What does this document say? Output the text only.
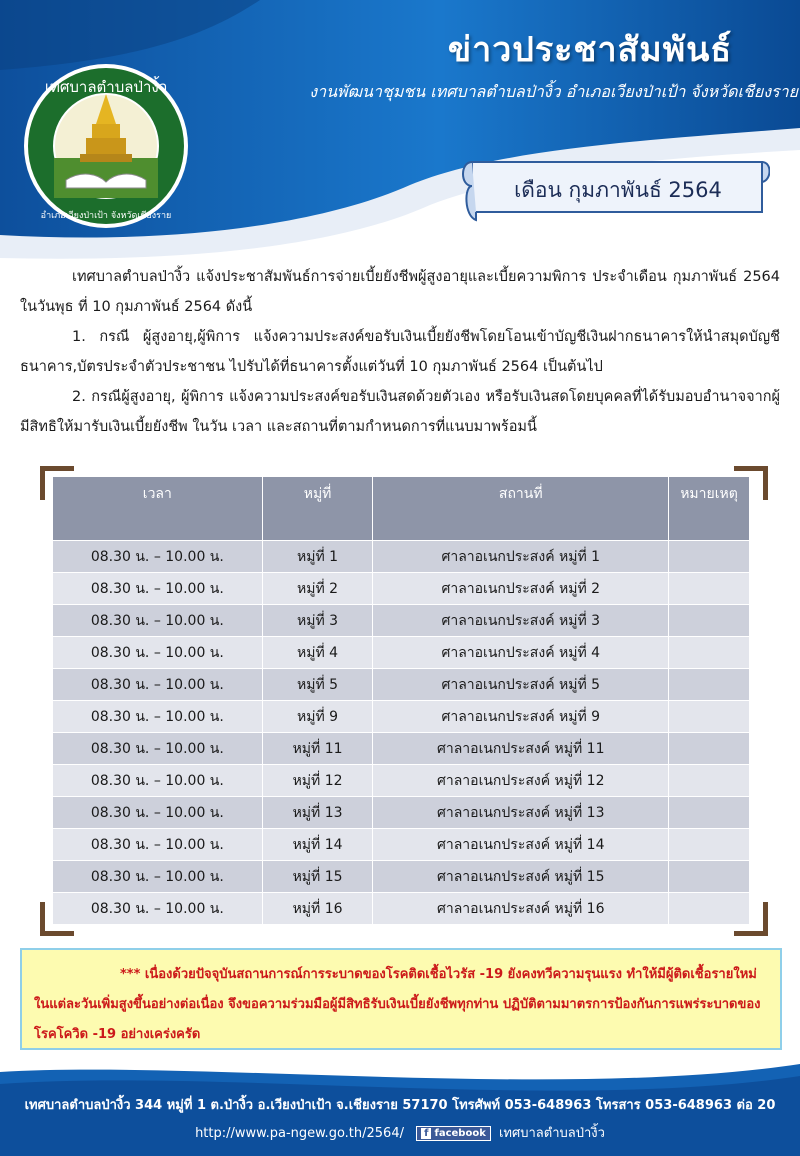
เทศบาลตำบลป่างิ้ว
อำเภอเวียงป่าเป้า จังหวัดเชียงราย
ข่าวประชาสัมพันธ์
งานพัฒนาชุมชน เทศบาลตำบลป่างิ้ว อำเภอเวียงป่าเป้า จังหวัดเชียงราย
เดือน กุมภาพันธ์ 2564

เทศบาลตำบลป่างิ้ว แจ้งประชาสัมพันธ์การจ่ายเบี้ยยังชีพผู้สูงอายุและเบี้ยความพิการ ประจำเดือน กุมภาพันธ์ 2564 ในวันพุธ ที่ 10 กุมภาพันธ์ 2564 ดังนี้

1. กรณี ผู้สูงอายุ,ผู้พิการ แจ้งความประสงค์ขอรับเงินเบี้ยยังชีพโดยโอนเข้าบัญชีเงินฝากธนาคารให้นำสมุดบัญชีธนาคาร,บัตรประจำตัวประชาชน ไปรับได้ที่ธนาคารตั้งแต่วันที่ 10 กุมภาพันธ์ 2564 เป็นต้นไป

2. กรณีผู้สูงอายุ, ผู้พิการ แจ้งความประสงค์ขอรับเงินสดด้วยตัวเอง หรือรับเงินสดโดยบุคคลที่ได้รับมอบอำนาจจากผู้มีสิทธิให้มารับเงินเบี้ยยังชีพ ในวัน เวลา และสถานที่ตามกำหนดการที่แนบมาพร้อมนี้

เวลา	หมู่ที่	สถานที่	หมายเหตุ
08.30 น. – 10.00 น.	หมู่ที่ 1	ศาลาอเนกประสงค์ หมู่ที่ 1	
08.30 น. – 10.00 น.	หมู่ที่ 2	ศาลาอเนกประสงค์ หมู่ที่ 2	
08.30 น. – 10.00 น.	หมู่ที่ 3	ศาลาอเนกประสงค์ หมู่ที่ 3	
08.30 น. – 10.00 น.	หมู่ที่ 4	ศาลาอเนกประสงค์ หมู่ที่ 4	
08.30 น. – 10.00 น.	หมู่ที่ 5	ศาลาอเนกประสงค์ หมู่ที่ 5	
08.30 น. – 10.00 น.	หมู่ที่ 9	ศาลาอเนกประสงค์ หมู่ที่ 9	
08.30 น. – 10.00 น.	หมู่ที่ 11	ศาลาอเนกประสงค์ หมู่ที่ 11	
08.30 น. – 10.00 น.	หมู่ที่ 12	ศาลาอเนกประสงค์ หมู่ที่ 12	
08.30 น. – 10.00 น.	หมู่ที่ 13	ศาลาอเนกประสงค์ หมู่ที่ 13	
08.30 น. – 10.00 น.	หมู่ที่ 14	ศาลาอเนกประสงค์ หมู่ที่ 14	
08.30 น. – 10.00 น.	หมู่ที่ 15	ศาลาอเนกประสงค์ หมู่ที่ 15	
08.30 น. – 10.00 น.	หมู่ที่ 16	ศาลาอเนกประสงค์ หมู่ที่ 16	

*** เนื่องด้วยปัจจุบันสถานการณ์การระบาดของโรคติดเชื้อไวรัส -19 ยังคงทวีความรุนแรง ทำให้มีผู้ติดเชื้อรายใหม่ในแต่ละวันเพิ่มสูงขึ้นอย่างต่อเนื่อง จึงขอความร่วมมือผู้มีสิทธิรับเงินเบี้ยยังชีพทุกท่าน ปฏิบัติตามมาตรการป้องกันการแพร่ระบาดของโรคโควิด -19 อย่างเคร่งครัด

เทศบาลตำบลป่างิ้ว 344 หมู่ที่ 1 ต.ป่างิ้ว อ.เวียงป่าเป้า จ.เชียงราย 57170 โทรศัพท์ 053-648963 โทรสาร 053-648963 ต่อ 20
http://www.pa-ngew.go.th/2564/ f facebook เทศบาลตำบลป่างิ้ว
